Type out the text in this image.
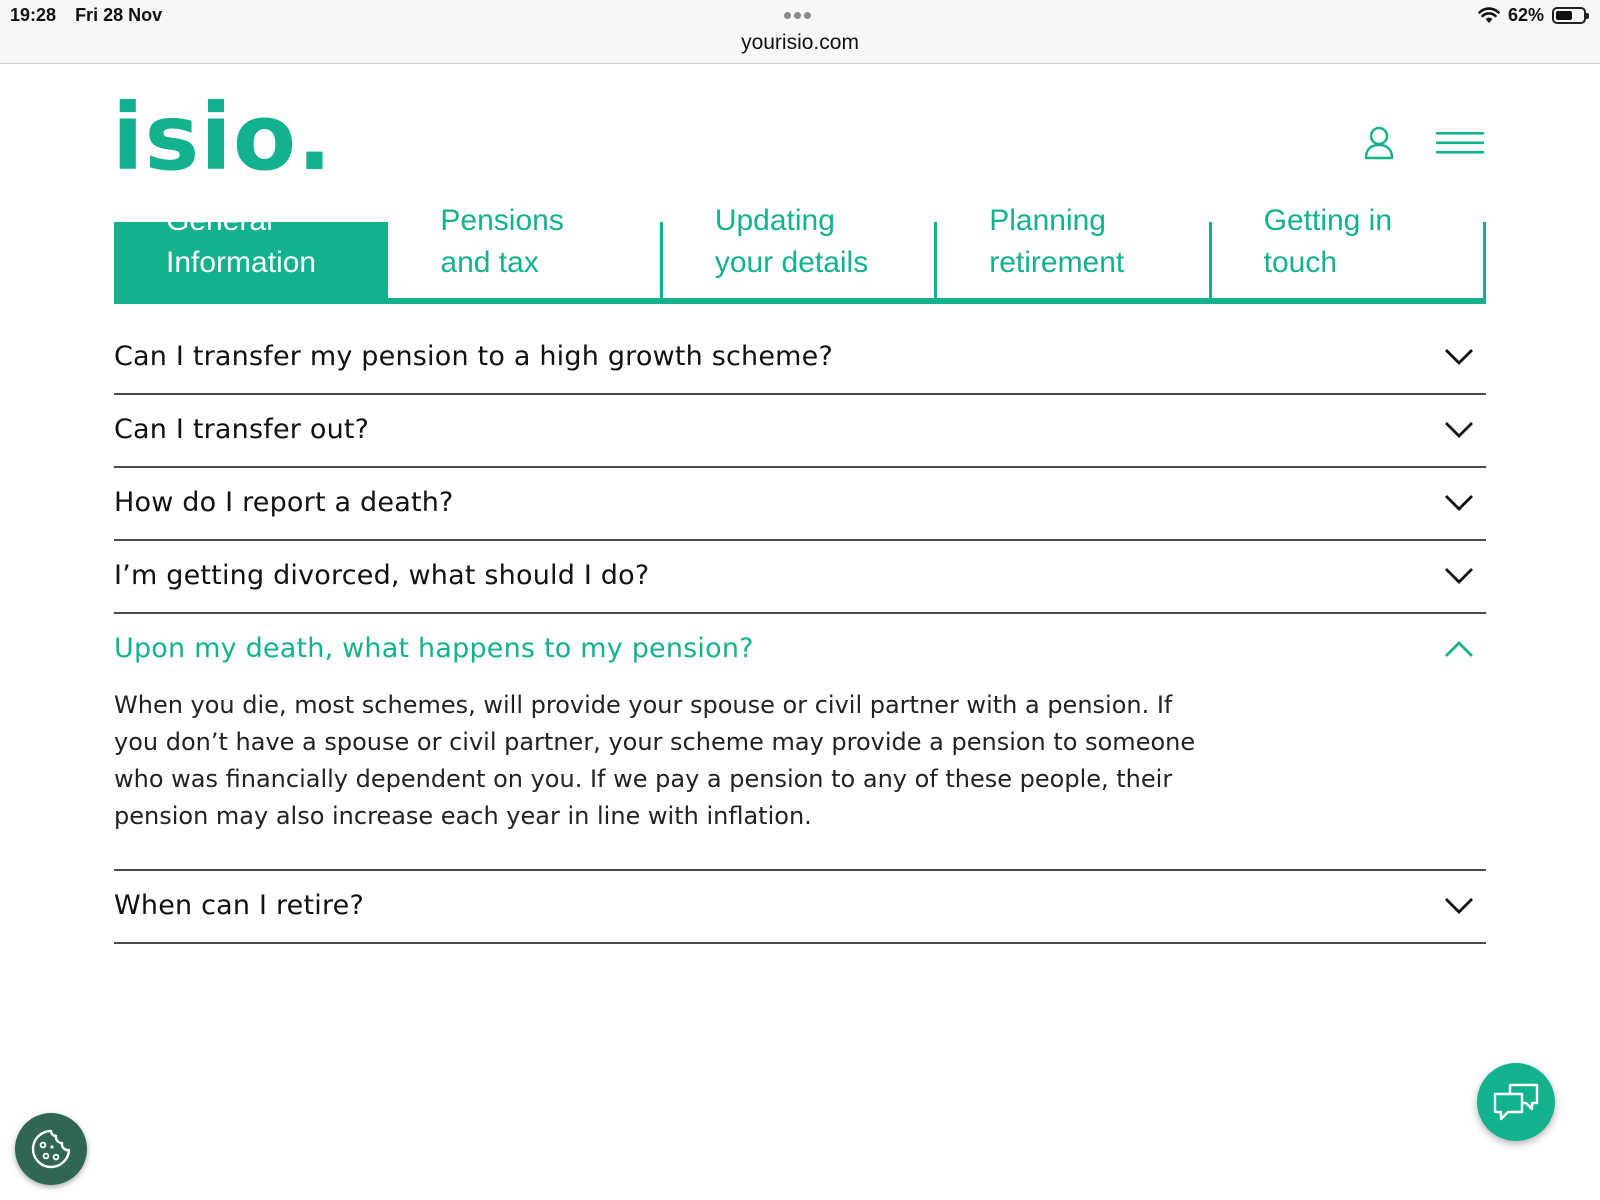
19:28 Fri 28 Nov
yourisio.com
62%
isio.
General
Information
Pensions
and tax
Updating
your details
Planning
retirement
Getting in
touch
Can I transfer my pension to a high growth scheme?
Can I transfer out?
How do I report a death?
I’m getting divorced, what should I do?
Upon my death, what happens to my pension?
When you die, most schemes, will provide your spouse or civil partner with a pension. If you don’t have a spouse or civil partner, your scheme may provide a pension to someone who was financially dependent on you. If we pay a pension to any of these people, their pension may also increase each year in line with inflation.
When can I retire?
